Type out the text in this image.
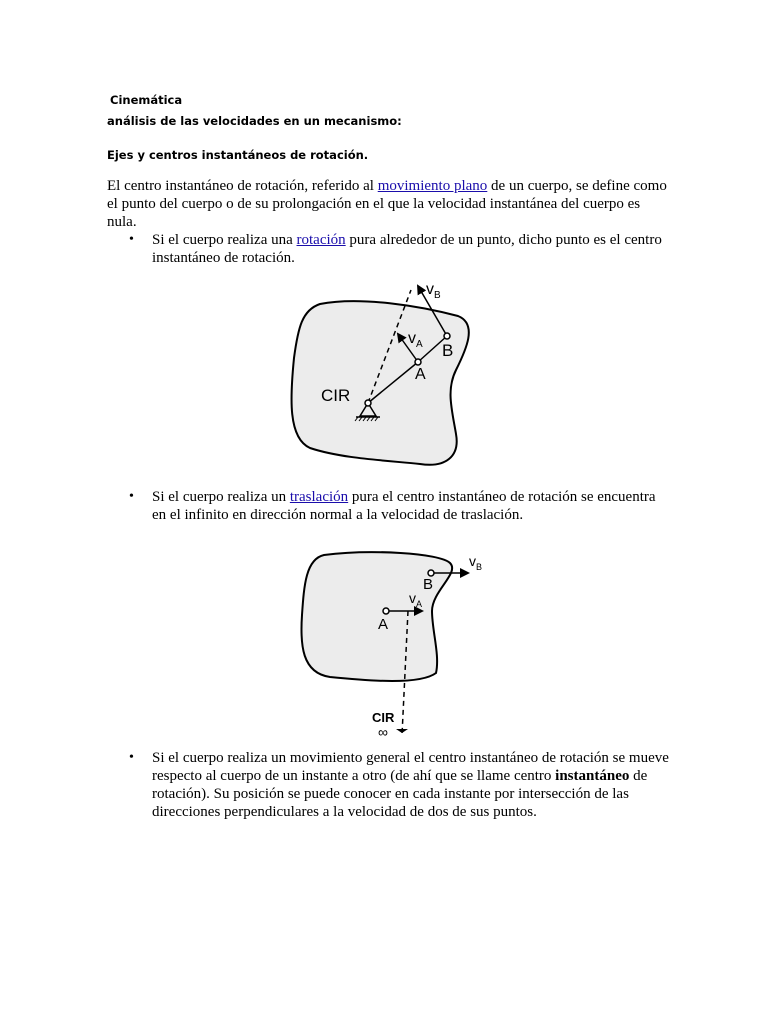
Cinemática
análisis de las velocidades en un mecanismo:
Ejes y centros instantáneos de rotación.

El centro instantáneo de rotación, referido al movimiento plano de un cuerpo, se define como el punto del cuerpo o de su prolongación en el que la velocidad instantánea del cuerpo es nula.

• Si el cuerpo realiza una rotación pura alrededor de un punto, dicho punto es el centro instantáneo de rotación.

CIR
A
B
$v_A$
$v_B$

• Si el cuerpo realiza un traslación pura el centro instantáneo de rotación se encuentra en el infinito en dirección normal a la velocidad de traslación.

A
B
$v_A$
$v_B$
CIR
∞

• Si el cuerpo realiza un movimiento general el centro instantáneo de rotación se mueve respecto al cuerpo de un instante a otro (de ahí que se llame centro instantáneo de rotación). Su posición se puede conocer en cada instante por intersección de las direcciones perpendiculares a la velocidad de dos de sus puntos.
